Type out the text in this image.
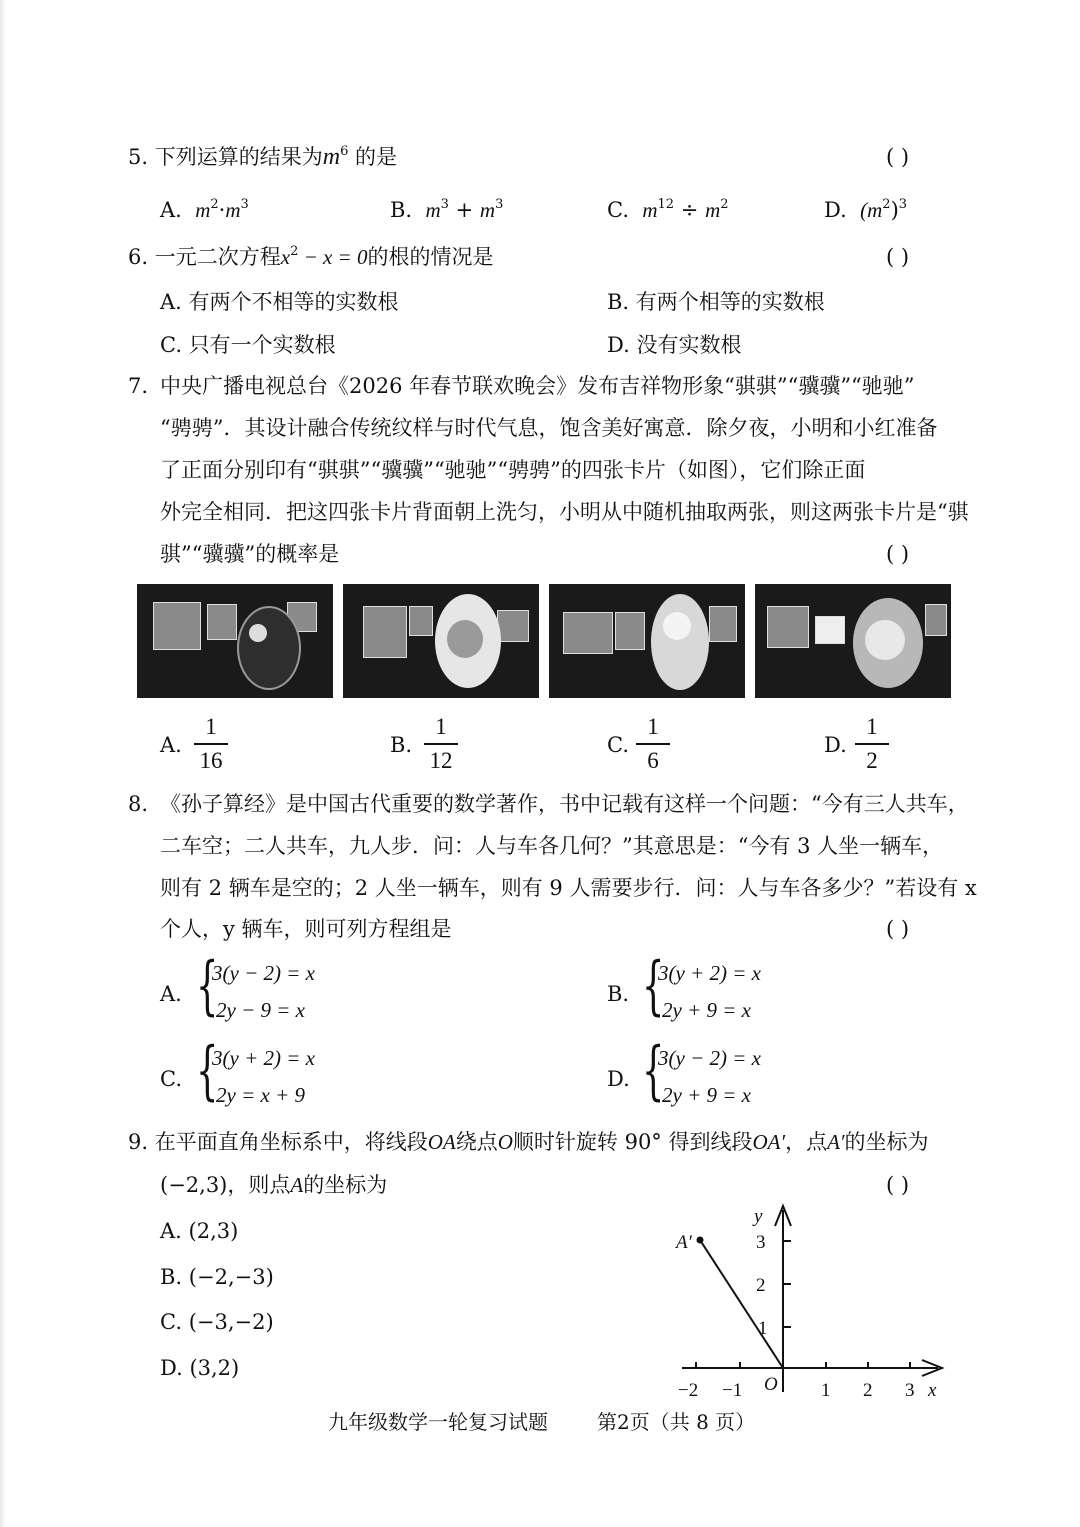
5. 下列运算的结果为$m^6$ 的是	( )
A. $m^2\cdot m^3$	B. $m^3 + m^3$	C. $m^{12} \div m^2$	D. $(m^2)^3$
6. 一元二次方程$x^2 - x = 0$的根的情况是	( )
A. 有两个不相等的实数根	B. 有两个相等的实数根
C. 只有一个实数根	D. 没有实数根
7. 中央广播电视总台《2026 年春节联欢晚会》发布吉祥物形象“骐骐”“骥骥”“驰驰”
“骋骋”．其设计融合传统纹样与时代气息，饱含美好寓意．除夕夜，小明和小红准备
了正面分别印有“骐骐”“骥骥”“驰驰”“骋骋”的四张卡片（如图），它们除正面
外完全相同．把这四张卡片背面朝上洗匀，小明从中随机抽取两张，则这两张卡片是“骐
骐”“骥骥”的概率是	( )
A.
1
16
B.
1
12
C.
1
6
D.
1
2
8. 《孙子算经》是中国古代重要的数学著作，书中记载有这样一个问题：“今有三人共车，
二车空；二人共车，九人步．问：人与车各几何？”其意思是：“今有 3 人坐一辆车，
则有 2 辆车是空的；2 人坐一辆车，则有 9 人需要步行．问：人与车各多少？”若设有 x
个人，y 辆车，则可列方程组是	( )
A. {
3(y − 2) = x
2y − 9 = x
B. {
3(y + 2) = x
2y + 9 = x
C. {
3(y + 2) = x
2y = x + 9
D. {
3(y − 2) = x
2y + 9 = x
9. 在平面直角坐标系中，将线段OA绕点O顺时针旋转 90° 得到线段OA′，点A′的坐标为
(−2,3)，则点A的坐标为	( )
A. (2,3)
B. (−2,−3)
C. (−3,−2)
D. (3,2)
A′
y
x
O
−2 −1	1 2 3
1
2
3
九年级数学一轮复习试题 第2页（共 8 页）
